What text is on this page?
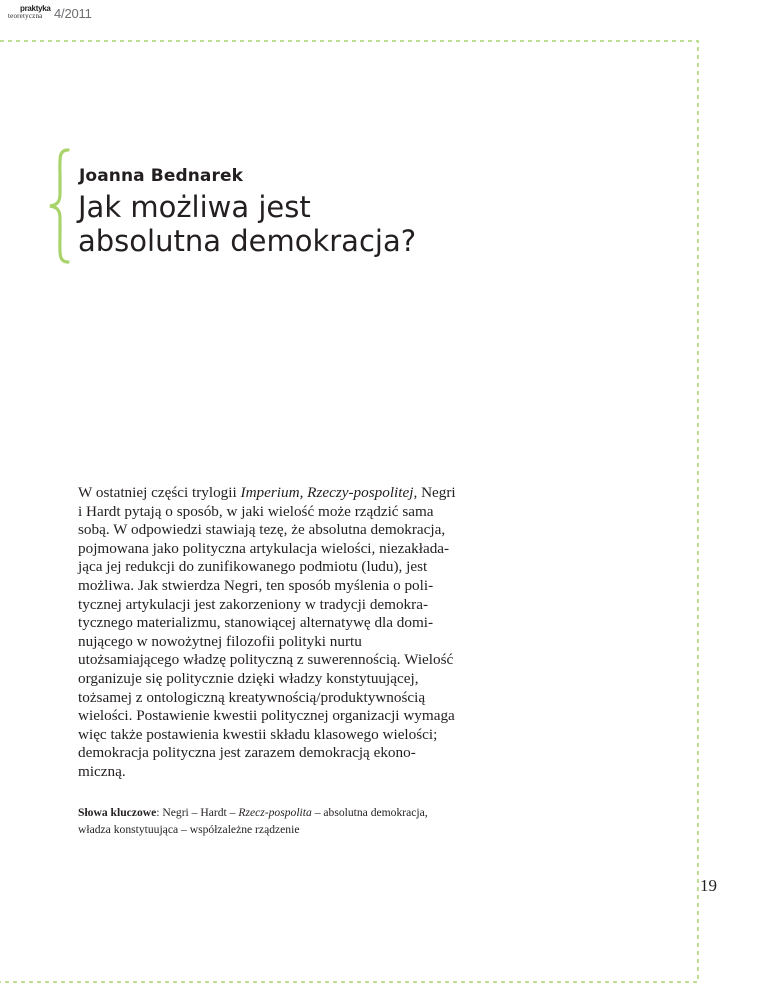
praktyka
teoretyczna 4/2011
Joanna Bednarek
Jak możliwa jest
absolutna demokracja?

W ostatniej części trylogii Imperium, Rzeczy-pospolitej, Negri
i Hardt pytają o sposób, w jaki wielość może rządzić sama
sobą. W odpowiedzi stawiają tezę, że absolutna demokracja,
pojmowana jako polityczna artykulacja wielości, niezakłada-
jąca jej redukcji do zunifikowanego podmiotu (ludu), jest
możliwa. Jak stwierdza Negri, ten sposób myślenia o poli-
tycznej artykulacji jest zakorzeniony w tradycji demokra-
tycznego materializmu, stanowiącej alternatywę dla domi-
nującego w nowożytnej filozofii polityki nurtu
utożsamiającego władzę polityczną z suwerennością. Wielość
organizuje się politycznie dzięki władzy konstytuującej,
tożsamej z ontologiczną kreatywnością/produktywnością
wielości. Postawienie kwestii politycznej organizacji wymaga
więc także postawienia kwestii składu klasowego wielości;
demokracja polityczna jest zarazem demokracją ekono-
miczną.

Słowa kluczowe: Negri – Hardt – Rzecz-pospolita – absolutna demokracja,
władza konstytuująca – współzależne rządzenie

19
